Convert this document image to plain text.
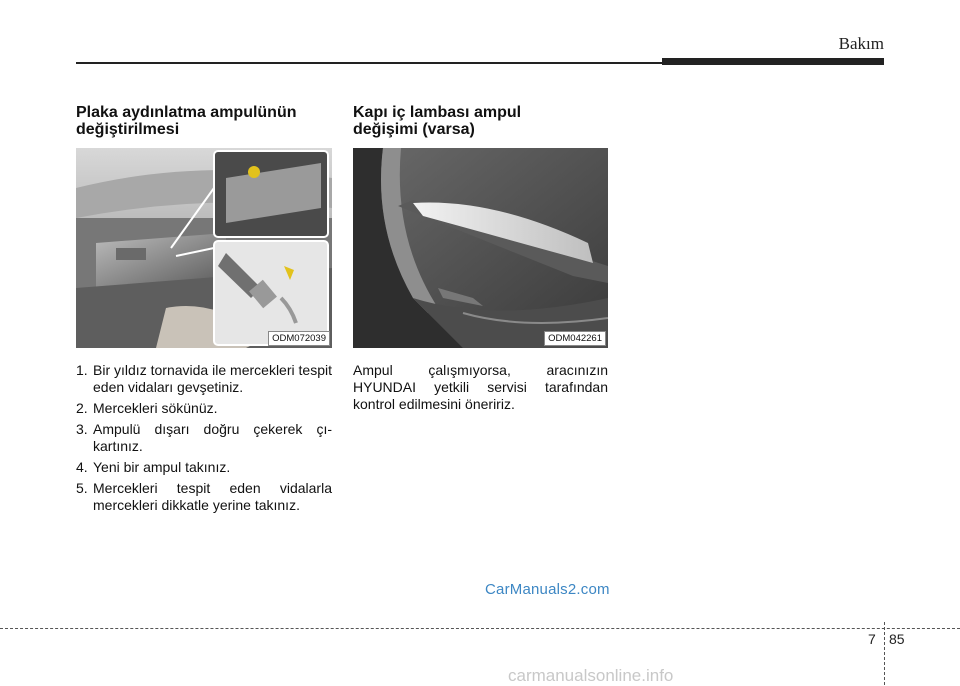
Bakım
Plaka aydınlatma ampulünün
değiştirilmesi
ODM072039
1. Bir yıldız tornavida ile mercekleri tespit eden vidaları gevşetiniz.
2. Mercekleri sökünüz.
3. Ampulü dışarı doğru çekerek çı-kartınız.
4. Yeni bir ampul takınız.
5. Mercekleri tespit eden vidalarla mercekleri dikkatle yerine takınız.
Kapı iç lambası ampul
değişimi (varsa)
ODM042261

Ampul çalışmıyorsa, aracınızın HYUNDAI yetkili servisi tarafından kontrol edilmesini öneririz.

CarManuals2.com
7 85
carmanualsonline.info
